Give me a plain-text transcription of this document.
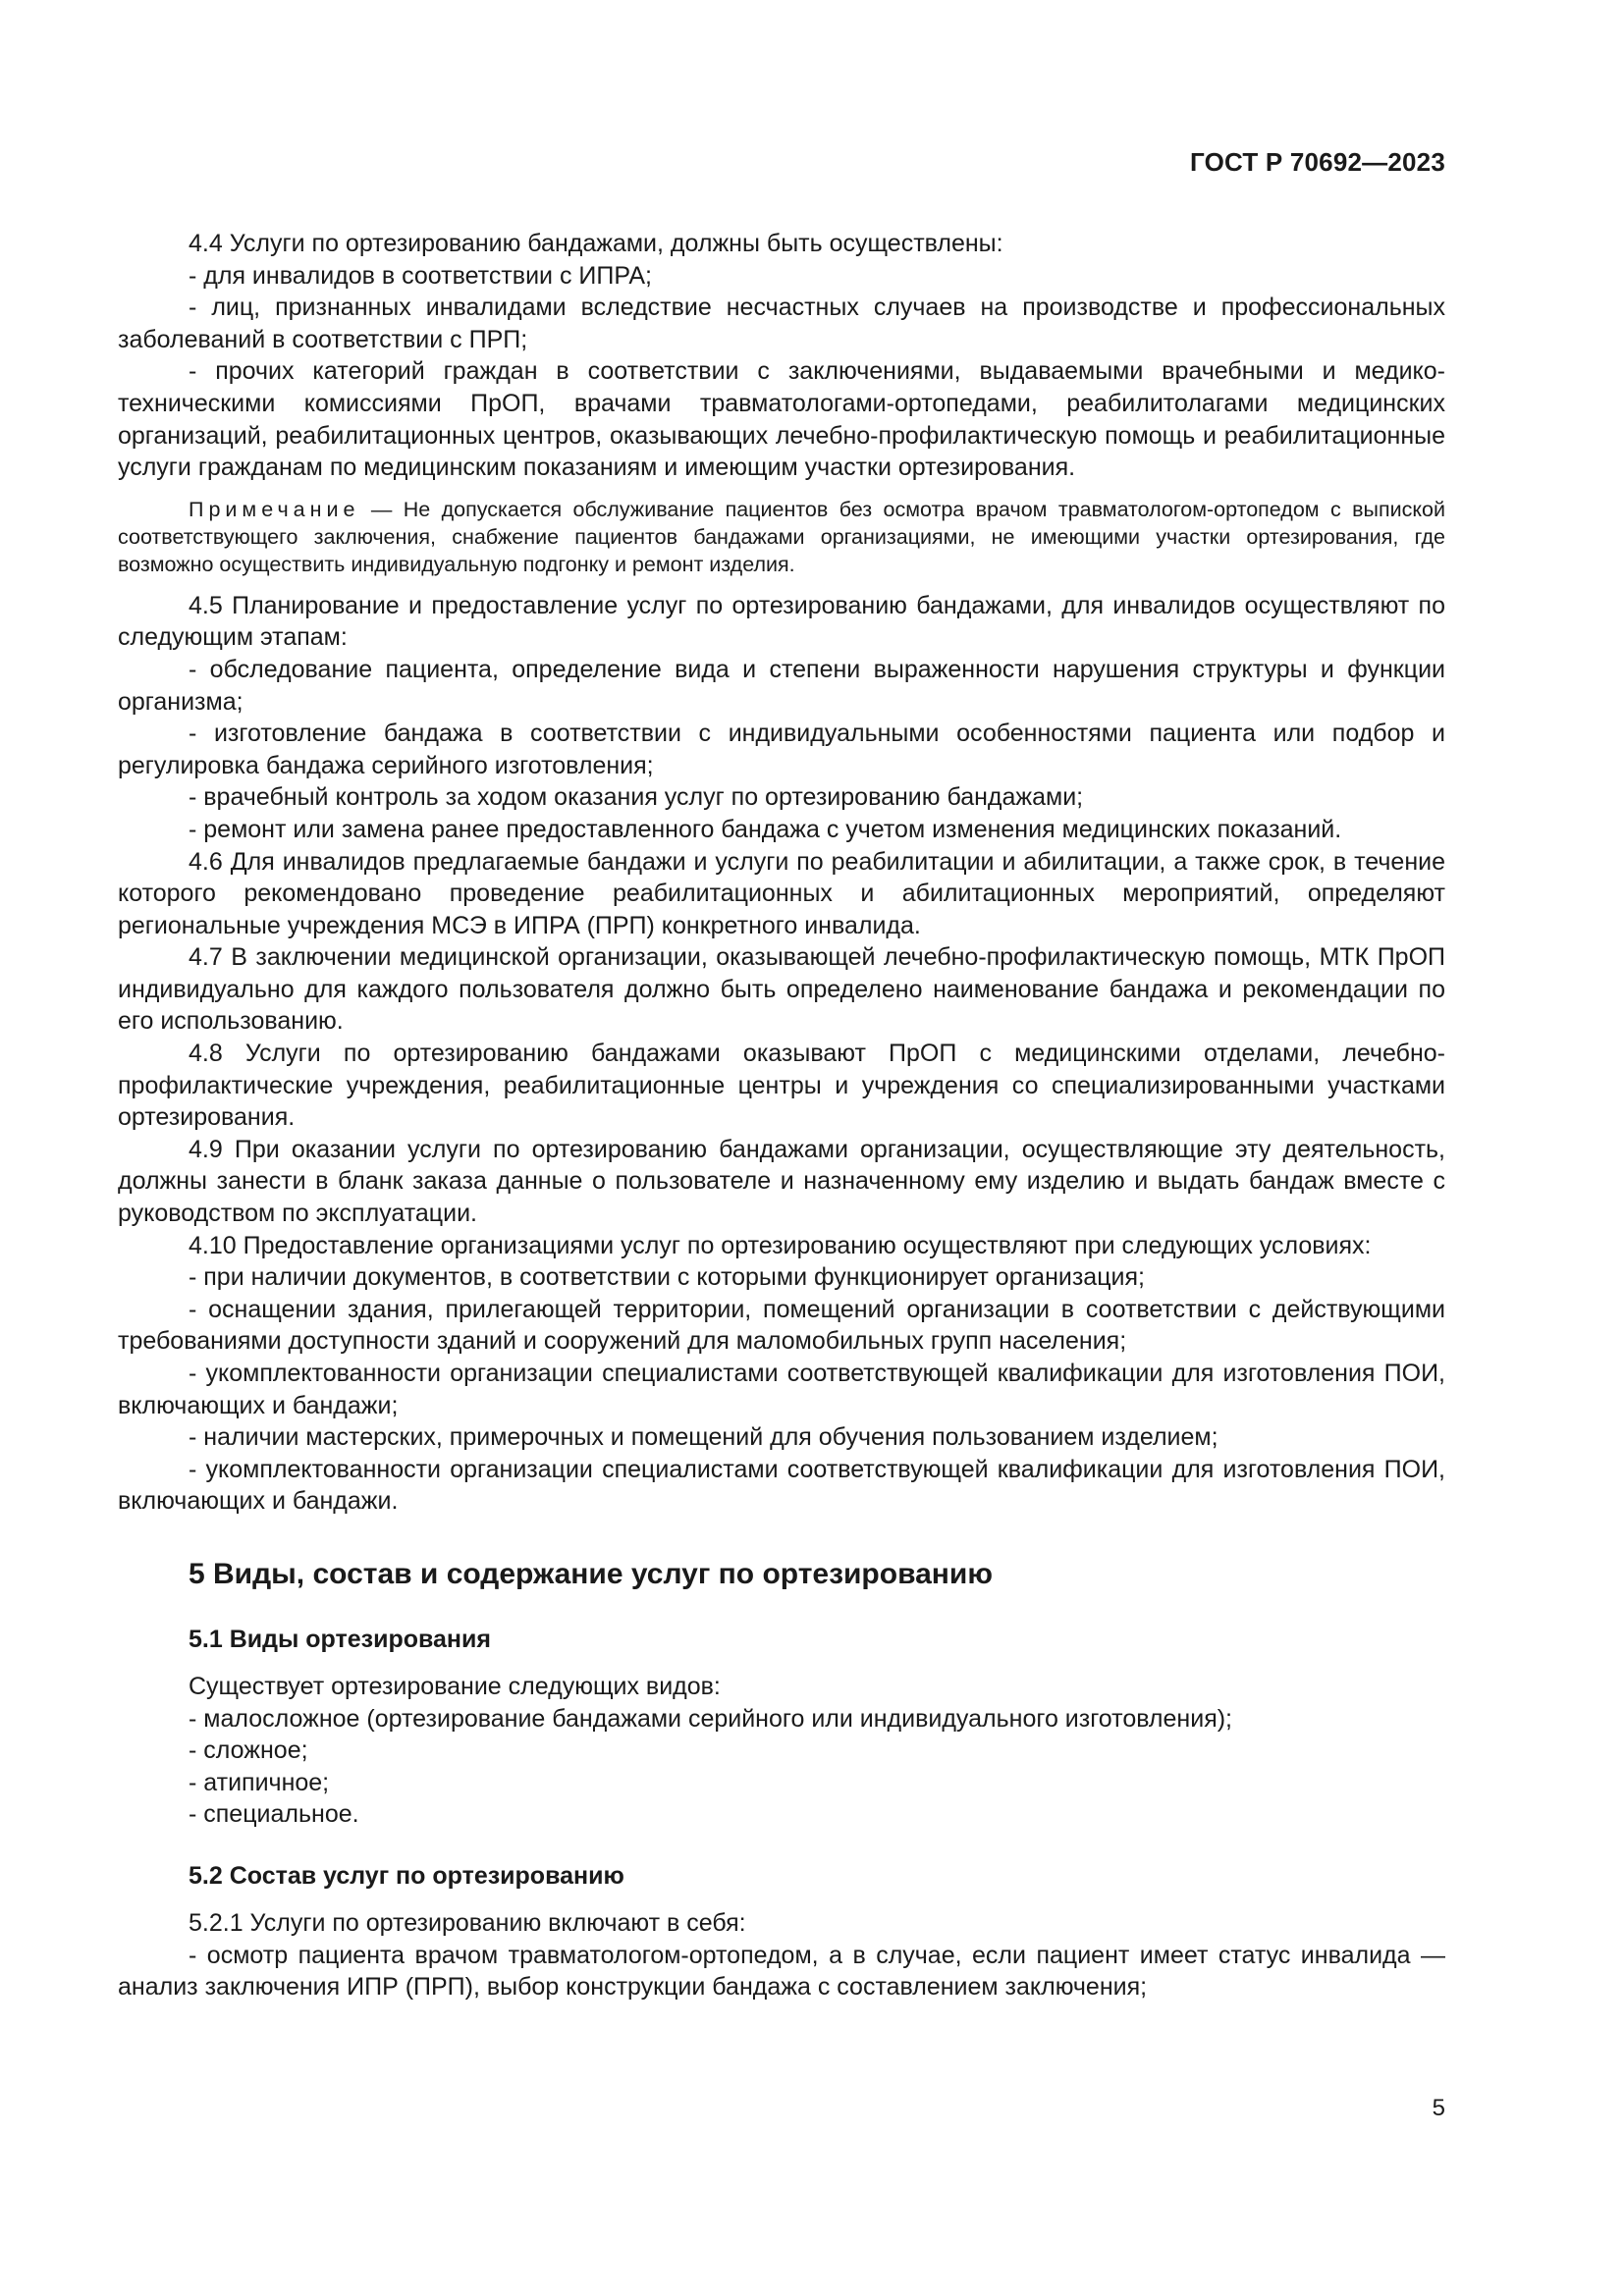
ГОСТ Р 70692—2023

4.4 Услуги по ортезированию бандажами, должны быть осуществлены:

- для инвалидов в соответствии с ИПРА;

- лиц, признанных инвалидами вследствие несчастных случаев на производстве и профессиональных заболеваний в соответствии с ПРП;

- прочих категорий граждан в соответствии с заключениями, выдаваемыми врачебными и медико-техническими комиссиями ПрОП, врачами травматологами-ортопедами, реабилитолагами медицинских организаций, реабилитационных центров, оказывающих лечебно-профилактическую помощь и реабилитационные услуги гражданам по медицинским показаниям и имеющим участки ортезирования.

Примечание — Не допускается обслуживание пациентов без осмотра врачом травматологом-ортопедом с выпиской соответствующего заключения, снабжение пациентов бандажами организациями, не имеющими участки ортезирования, где возможно осуществить индивидуальную подгонку и ремонт изделия.

4.5 Планирование и предоставление услуг по ортезированию бандажами, для инвалидов осуществляют по следующим этапам:

- обследование пациента, определение вида и степени выраженности нарушения структуры и функции организма;

- изготовление бандажа в соответствии с индивидуальными особенностями пациента или подбор и регулировка бандажа серийного изготовления;

- врачебный контроль за ходом оказания услуг по ортезированию бандажами;

- ремонт или замена ранее предоставленного бандажа с учетом изменения медицинских показаний.

4.6 Для инвалидов предлагаемые бандажи и услуги по реабилитации и абилитации, а также срок, в течение которого рекомендовано проведение реабилитационных и абилитационных мероприятий, определяют региональные учреждения МСЭ в ИПРА (ПРП) конкретного инвалида.

4.7 В заключении медицинской организации, оказывающей лечебно-профилактическую помощь, МТК ПрОП индивидуально для каждого пользователя должно быть определено наименование бандажа и рекомендации по его использованию.

4.8 Услуги по ортезированию бандажами оказывают ПрОП с медицинскими отделами, лечебно-профилактические учреждения, реабилитационные центры и учреждения со специализированными участками ортезирования.

4.9 При оказании услуги по ортезированию бандажами организации, осуществляющие эту деятельность, должны занести в бланк заказа данные о пользователе и назначенному ему изделию и выдать бандаж вместе с руководством по эксплуатации.

4.10 Предоставление организациями услуг по ортезированию осуществляют при следующих условиях:

- при наличии документов, в соответствии с которыми функционирует организация;

- оснащении здания, прилегающей территории, помещений организации в соответствии с действующими требованиями доступности зданий и сооружений для маломобильных групп населения;

- укомплектованности организации специалистами соответствующей квалификации для изготовления ПОИ, включающих и бандажи;

- наличии мастерских, примерочных и помещений для обучения пользованием изделием;

- укомплектованности организации специалистами соответствующей квалификации для изготовления ПОИ, включающих и бандажи.

5 Виды, состав и содержание услуг по ортезированию
5.1 Виды ортезирования

Существует ортезирование следующих видов:

- малосложное (ортезирование бандажами серийного или индивидуального изготовления);

- сложное;

- атипичное;

- специальное.

5.2 Состав услуг по ортезированию

5.2.1 Услуги по ортезированию включают в себя:

- осмотр пациента врачом травматологом-ортопедом, а в случае, если пациент имеет статус инвалида — анализ заключения ИПР (ПРП), выбор конструкции бандажа с составлением заключения;

5
